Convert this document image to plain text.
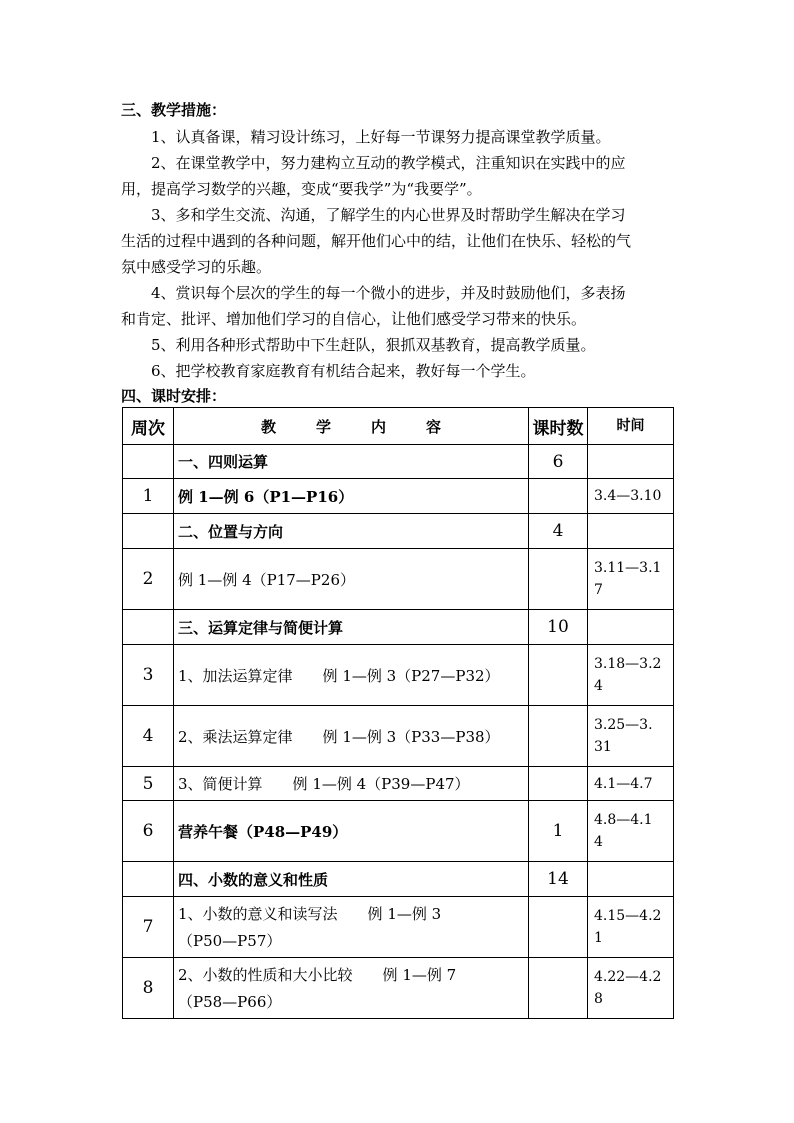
三、教学措施：
1、认真备课，精习设计练习，上好每一节课努力提高课堂教学质量。
2、在课堂教学中，努力建构立互动的教学模式，注重知识在实践中的应
用，提高学习数学的兴趣，变成“要我学”为“我要学”。
3、多和学生交流、沟通，了解学生的内心世界及时帮助学生解决在学习
生活的过程中遇到的各种问题，解开他们心中的结，让他们在快乐、轻松的气
氛中感受学习的乐趣。
4、赏识每个层次的学生的每一个微小的进步，并及时鼓励他们，多表扬
和肯定、批评、增加他们学习的自信心，让他们感受学习带来的快乐。
5、利用各种形式帮助中下生赶队，狠抓双基教育，提高教学质量。
6、把学校教育家庭教育有机结合起来，教好每一个学生。
四、课时安排：
周次	教学内容	课时数	时间

	一、四则运算	6	
1	例 1—例 6（P1—P16）		3.4—3.10

	二、位置与方向	4	
2	例 1—例 4（P17—P26）		3.11—3.1
7

	三、运算定律与简便计算	10	
3	1、加法运算定律 例 1—例 3（P27—P32）		3.18—3.2
4

4	2、乘法运算定律 例 1—例 3（P33—P38）		3.25—3.
31

5	3、简便计算 例 1—例 4（P39—P47）		4.1—4.7

6	营养午餐（P48—P49）	1	4.8—4.1
4

	四、小数的意义和性质	14	
7	1、小数的意义和读写法 例 1—例 3
（P50—P57）		4.15—4.2
1

8	2、小数的性质和大小比较 例 1—例 7
（P58—P66）		4.22—4.2
8
